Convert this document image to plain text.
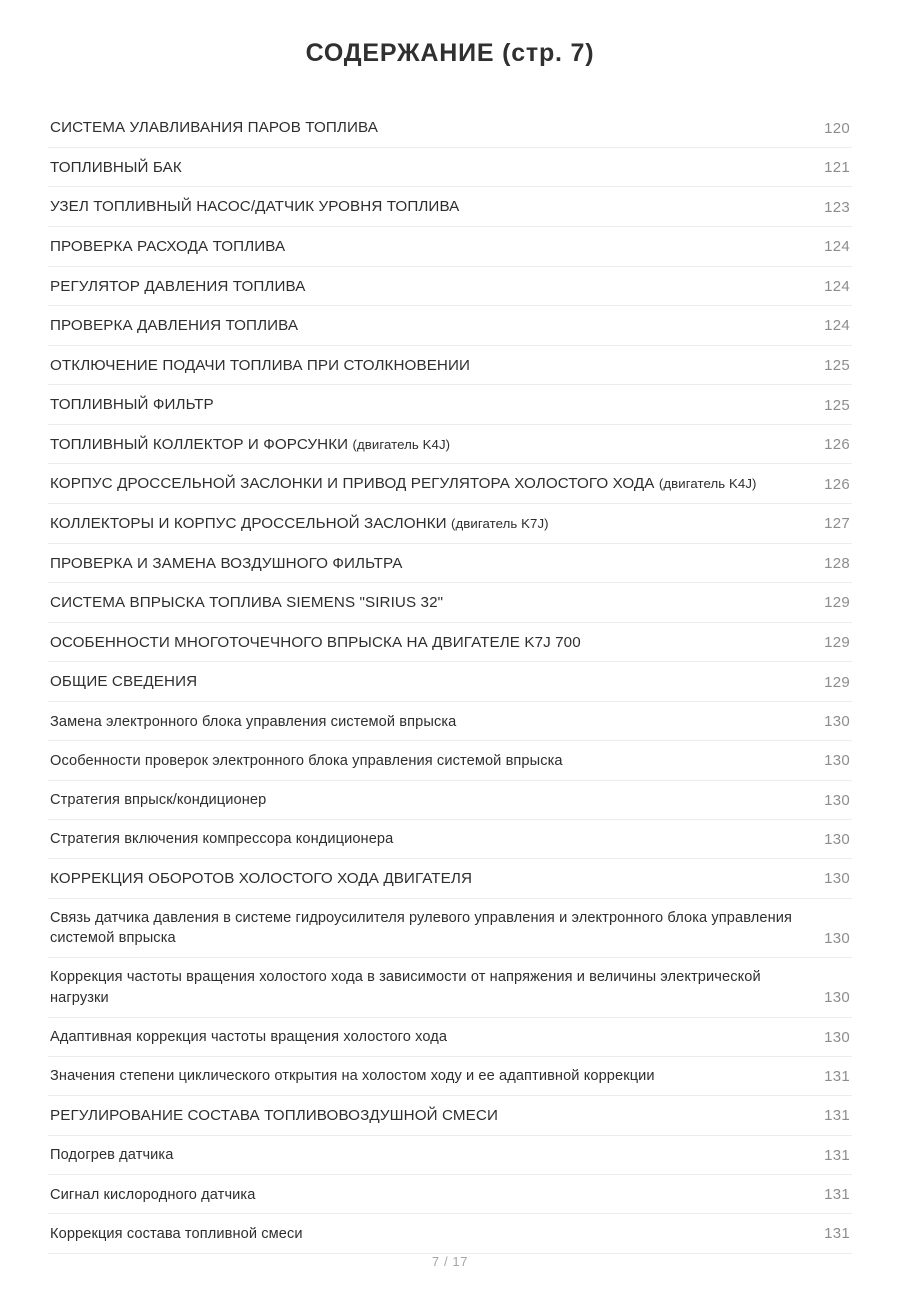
СОДЕРЖАНИЕ (стр. 7)
СИСТЕМА УЛАВЛИВАНИЯ ПАРОВ ТОПЛИВА	120
ТОПЛИВНЫЙ БАК	121
УЗЕЛ ТОПЛИВНЫЙ НАСОС/ДАТЧИК УРОВНЯ ТОПЛИВА	123
ПРОВЕРКА РАСХОДА ТОПЛИВА	124
РЕГУЛЯТОР ДАВЛЕНИЯ ТОПЛИВА	124
ПРОВЕРКА ДАВЛЕНИЯ ТОПЛИВА	124
ОТКЛЮЧЕНИЕ ПОДАЧИ ТОПЛИВА ПРИ СТОЛКНОВЕНИИ	125
ТОПЛИВНЫЙ ФИЛЬТР	125
ТОПЛИВНЫЙ КОЛЛЕКТОР И ФОРСУНКИ (двигатель K4J)	126
КОРПУС ДРОССЕЛЬНОЙ ЗАСЛОНКИ И ПРИВОД РЕГУЛЯТОРА ХОЛОСТОГО ХОДА (двигатель K4J)	126
КОЛЛЕКТОРЫ И КОРПУС ДРОССЕЛЬНОЙ ЗАСЛОНКИ (двигатель K7J)	127
ПРОВЕРКА И ЗАМЕНА ВОЗДУШНОГО ФИЛЬТРА	128
СИСТЕМА ВПРЫСКА ТОПЛИВА SIEMENS "SIRIUS 32"	129
ОСОБЕННОСТИ МНОГОТОЧЕЧНОГО ВПРЫСКА НА ДВИГАТЕЛЕ K7J 700	129
ОБЩИЕ СВЕДЕНИЯ	129
Замена электронного блока управления системой впрыска	130
Особенности проверок электронного блока управления системой впрыска	130
Стратегия впрыск/кондиционер	130
Стратегия включения компрессора кондиционера	130
КОРРЕКЦИЯ ОБОРОТОВ ХОЛОСТОГО ХОДА ДВИГАТЕЛЯ	130
Связь датчика давления в системе гидроусилителя рулевого управления и электронного блока управления системой впрыска	130
Коррекция частоты вращения холостого хода в зависимости от напряжения и величины электрической нагрузки	130
Адаптивная коррекция частоты вращения холостого хода	130
Значения степени циклического открытия на холостом ходу и ее адаптивной коррекции	131
РЕГУЛИРОВАНИЕ СОСТАВА ТОПЛИВОВОЗДУШНОЙ СМЕСИ	131
Подогрев датчика	131
Сигнал кислородного датчика	131
Коррекция состава топливной смеси	131
7 / 17
